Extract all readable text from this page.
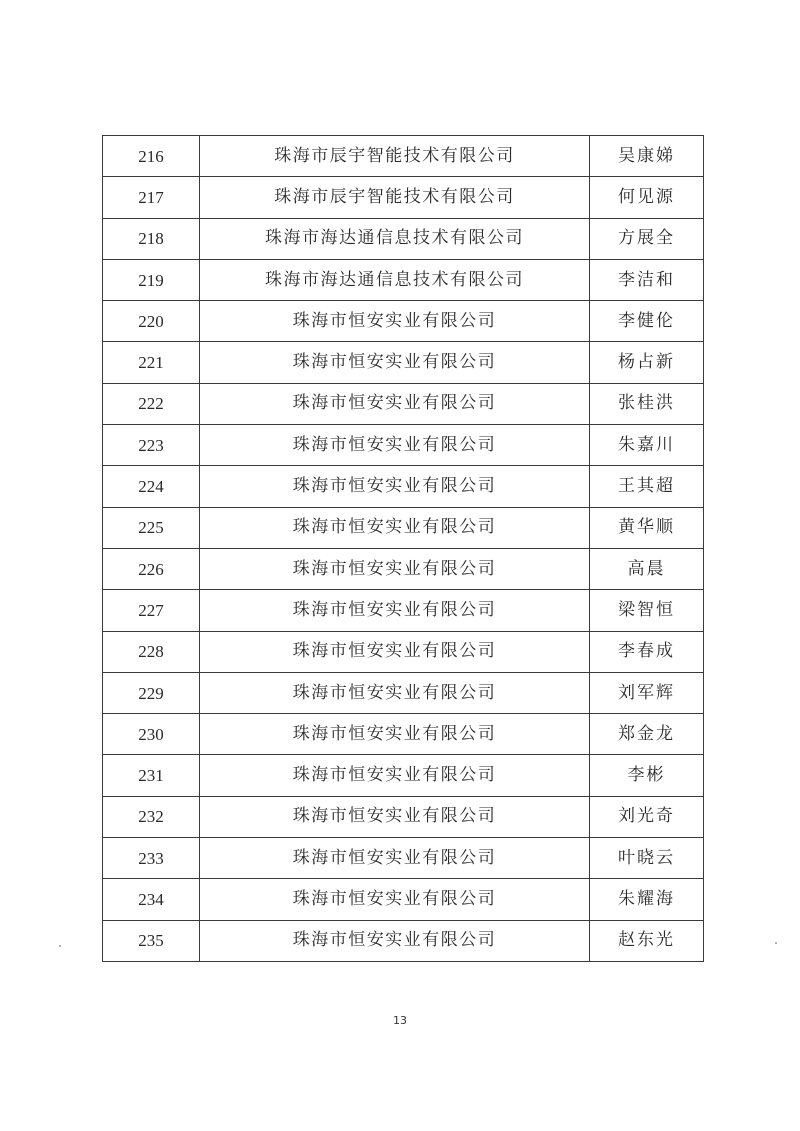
216	珠海市辰宇智能技术有限公司	吴康娣
217	珠海市辰宇智能技术有限公司	何见源
218	珠海市海达通信息技术有限公司	方展全
219	珠海市海达通信息技术有限公司	李洁和
220	珠海市恒安实业有限公司	李健伦
221	珠海市恒安实业有限公司	杨占新
222	珠海市恒安实业有限公司	张桂洪
223	珠海市恒安实业有限公司	朱嘉川
224	珠海市恒安实业有限公司	王其超
225	珠海市恒安实业有限公司	黄华顺
226	珠海市恒安实业有限公司	高晨
227	珠海市恒安实业有限公司	梁智恒
228	珠海市恒安实业有限公司	李春成
229	珠海市恒安实业有限公司	刘军辉
230	珠海市恒安实业有限公司	郑金龙
231	珠海市恒安实业有限公司	李彬
232	珠海市恒安实业有限公司	刘光奇
233	珠海市恒安实业有限公司	叶晓云
234	珠海市恒安实业有限公司	朱耀海
235	珠海市恒安实业有限公司	赵东光
13
